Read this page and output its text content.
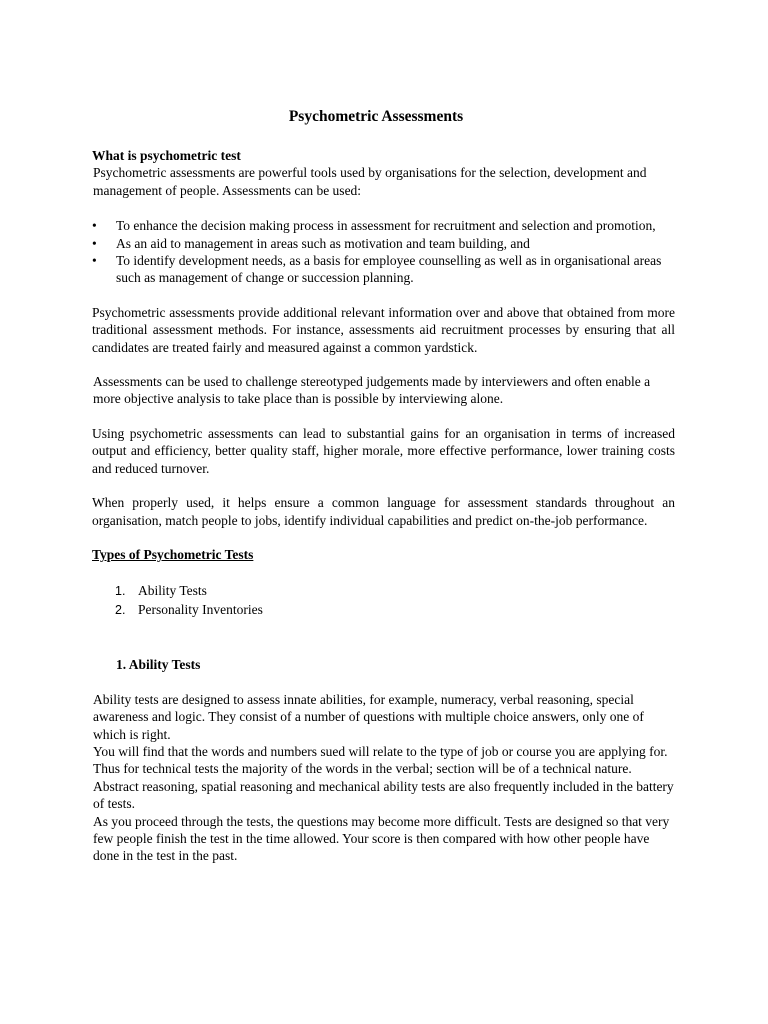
Psychometric Assessments
What is psychometric test

Psychometric assessments are powerful tools used by organisations for the selection, development and management of people. Assessments can be used:

• To enhance the decision making process in assessment for recruitment and selection and promotion,
• As an aid to management in areas such as motivation and team building, and
• To identify development needs, as a basis for employee counselling as well as in organisational areas such as management of change or succession planning.

Psychometric assessments provide additional relevant information over and above that obtained from more traditional assessment methods. For instance, assessments aid recruitment processes by ensuring that all candidates are treated fairly and measured against a common yardstick.

Assessments can be used to challenge stereotyped judgements made by interviewers and often enable a more objective analysis to take place than is possible by interviewing alone.

Using psychometric assessments can lead to substantial gains for an organisation in terms of increased output and efficiency, better quality staff, higher morale, more effective performance, lower training costs and reduced turnover.

When properly used, it helps ensure a common language for assessment standards throughout an organisation, match people to jobs, identify individual capabilities and predict on-the-job performance.

Types of Psychometric Tests
1. Ability Tests
2. Personality Inventories
1. Ability Tests

Ability tests are designed to assess innate abilities, for example, numeracy, verbal reasoning, special awareness and logic. They consist of a number of questions with multiple choice answers, only one of which is right.

You will find that the words and numbers sued will relate to the type of job or course you are applying for. Thus for technical tests the majority of the words in the verbal; section will be of a technical nature. Abstract reasoning, spatial reasoning and mechanical ability tests are also frequently included in the battery of tests.

As you proceed through the tests, the questions may become more difficult. Tests are designed so that very few people finish the test in the time allowed. Your score is then compared with how other people have done in the test in the past.
